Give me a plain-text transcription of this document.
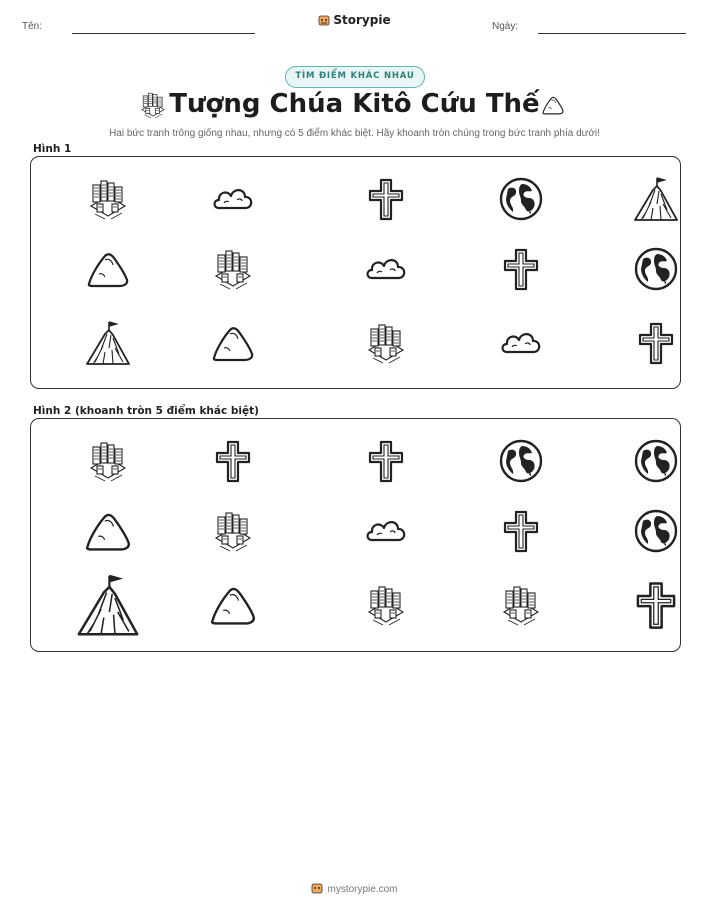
Tên:	Storypie	Ngày:
TÌM ĐIỂM KHÁC NHAU
Tượng Chúa Kitô Cứu Thế
Hai bức tranh trông giống nhau, nhưng có 5 điểm khác biệt. Hãy khoanh tròn chúng trong bức tranh phía dưới!
Hình 1
Hình 2 (khoanh tròn 5 điểm khác biệt)
mystorypie.com
